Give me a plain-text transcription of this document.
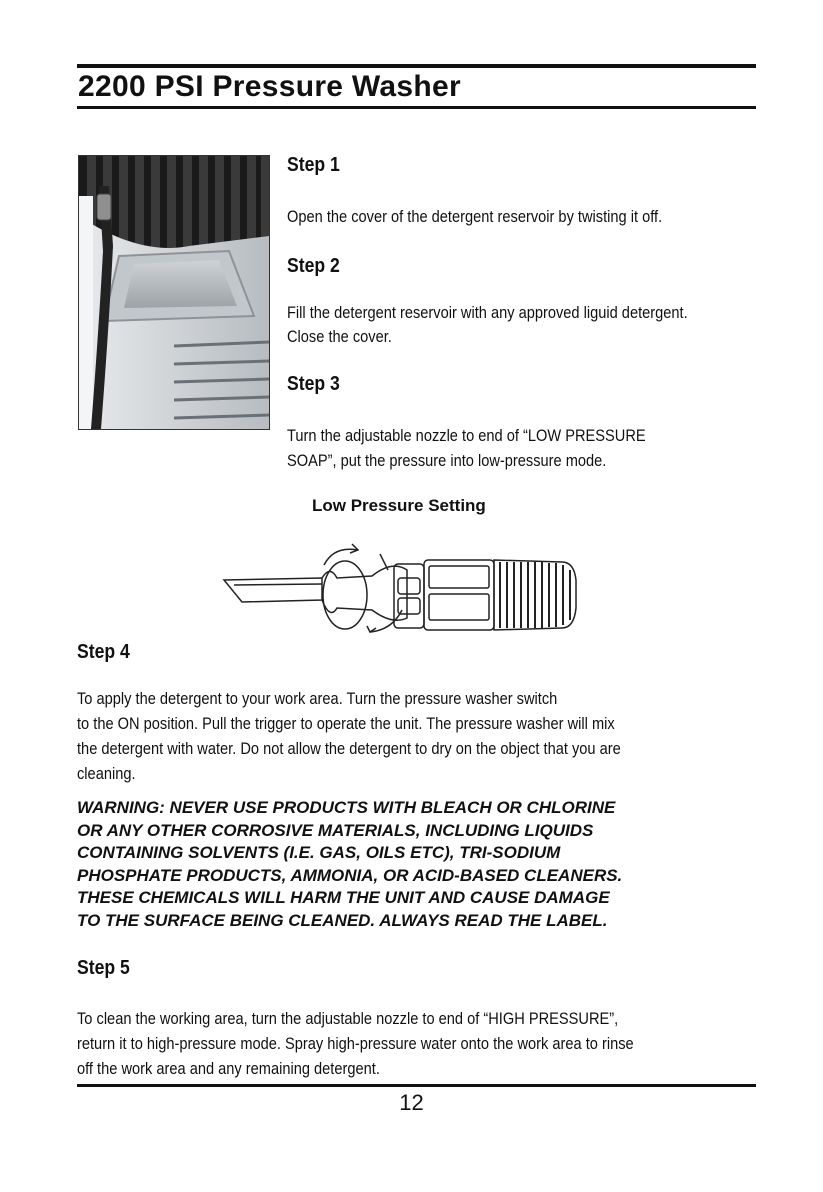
2200 PSI Pressure Washer
Step 1

Open the cover of the detergent reservoir by twisting it off.

Step 2

Fill the detergent reservoir with any approved liguid detergent.

Close the cover.

Step 3

Turn the adjustable nozzle to end of “LOW PRESSURE

SOAP”, put the pressure into low-pressure mode.

Low Pressure Setting
Step 4

To apply the detergent to your work area. Turn the pressure washer switch

to the ON position. Pull the trigger to operate the unit. The pressure washer will mix

the detergent with water. Do not allow the detergent to dry on the object that you are

cleaning.

WARNING: NEVER USE PRODUCTS WITH BLEACH OR CHLORINE
OR ANY OTHER CORROSIVE MATERIALS, INCLUDING LIQUIDS
CONTAINING SOLVENTS (I.E. GAS, OILS ETC), TRI-SODIUM
PHOSPHATE PRODUCTS, AMMONIA, OR ACID-BASED CLEANERS.
THESE CHEMICALS WILL HARM THE UNIT AND CAUSE DAMAGE
TO THE SURFACE BEING CLEANED. ALWAYS READ THE LABEL.

Step 5

To clean the working area, turn the adjustable nozzle to end of “HIGH PRESSURE”,

return it to high-pressure mode. Spray high-pressure water onto the work area to rinse

off the work area and any remaining detergent.

12
